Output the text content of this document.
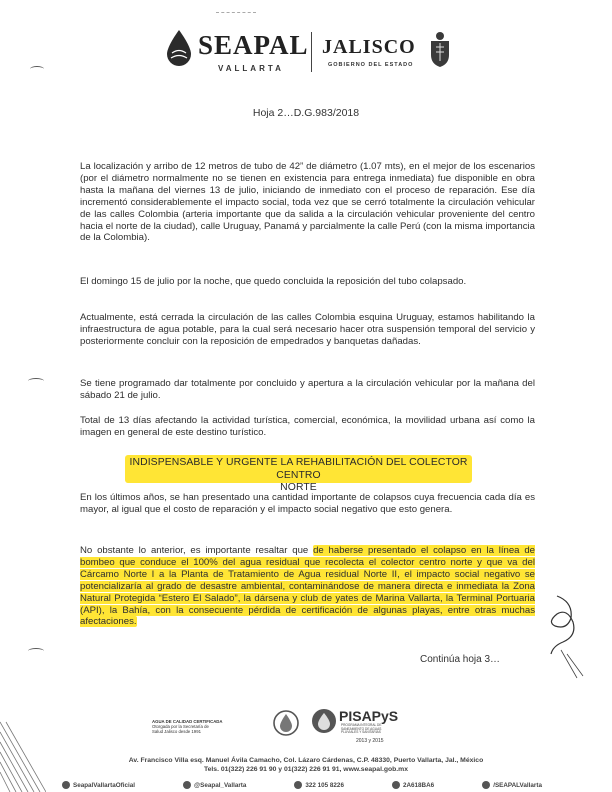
SEAPAL
VALLARTA
JALISCO
GOBIERNO DEL ESTADO
Hoja 2…D.G.983/2018
La localización y arribo de 12 metros de tubo de 42” de diámetro (1.07 mts), en el mejor de los escenarios (por el diámetro normalmente no se tienen en existencia para entrega inmediata) fue disponible en obra hasta la mañana del viernes 13 de julio, iniciando de inmediato con el proceso de reparación. Ese día incrementó considerablemente el impacto social, toda vez que se cerró totalmente la circulación vehicular de las calles Colombia (arteria importante que da salida a la circulación vehicular proveniente del centro hacia el norte de la ciudad), calle Uruguay, Panamá y parcialmente la calle Perú (con la misma importancia de la Colombia).
El domingo 15 de julio por la noche, que quedo concluida la reposición del tubo colapsado.
Actualmente, está cerrada la circulación de las calles Colombia esquina Uruguay, estamos habilitando la infraestructura de agua potable, para la cual será necesario hacer otra suspensión temporal del servicio y posteriormente concluir con la reposición de empedrados y banquetas dañadas.
Se tiene programado dar totalmente por concluido y apertura a la circulación vehicular por la mañana del sábado 21 de julio.
Total de 13 días afectando la actividad turística, comercial, económica, la movilidad urbana así como la imagen en general de este destino turístico.
INDISPENSABLE Y URGENTE LA REHABILITACIÓN DEL COLECTOR CENTRO
NORTE
En los últimos años, se han presentado una cantidad importante de colapsos cuya frecuencia cada día es mayor, al igual que el costo de reparación y el impacto social negativo que esto genera.
No obstante lo anterior, es importante resaltar que de haberse presentado el colapso en la línea de bombeo que conduce el 100% del agua residual que recolecta el colector centro norte y que va del Cárcamo Norte I a la Planta de Tratamiento de Agua residual Norte II, el impacto social negativo se potencializaría al grado de desastre ambiental, contaminándose de manera directa e inmediata la Zona Natural Protegida “Estero El Salado”, la dársena y club de yates de Marina Vallarta, la Terminal Portuaria (API), la Bahía, con la consecuente pérdida de certificación de algunas playas, entre otras muchas afectaciones.
Continúa hoja 3…
AGUA DE CALIDAD CERTIFICADA
Otorgada por la Secretaría de
Salud Jalisco desde 1991
PISAPyS
PROGRAMA INTEGRAL DE SANEAMIENTO DE AGUAS PLUVIALES Y SANITARIAS
2013 y 2015
Av. Francisco Villa esq. Manuel Ávila Camacho, Col. Lázaro Cárdenas, C.P. 48330, Puerto Vallarta, Jal., México
Tels. 01(322) 226 91 90 y 01(322) 226 91 91, www.seapal.gob.mx
SeapalVallartaOficial	@Seapal_Vallarta	322 105 8226	2A618BA6	/SEAPALVallarta
